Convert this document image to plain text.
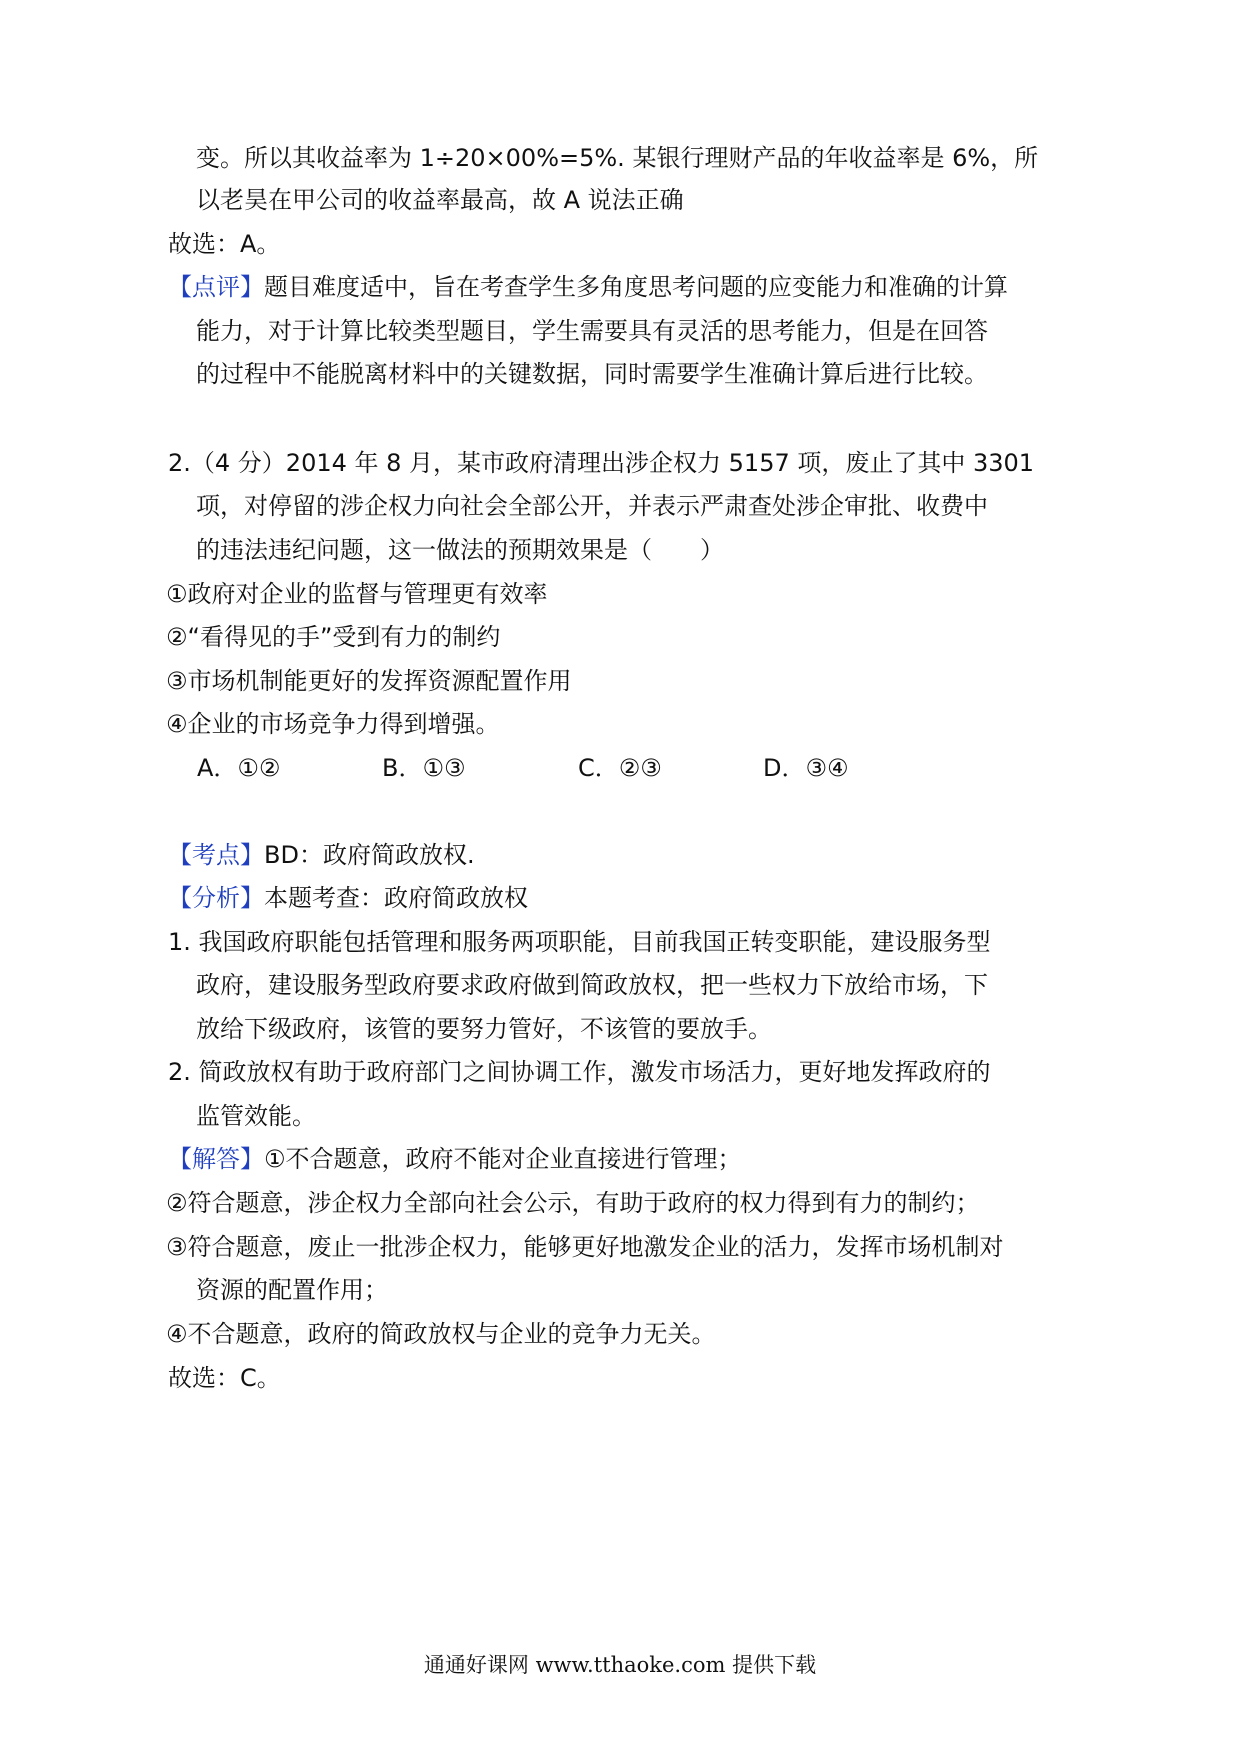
变。所以其收益率为 1÷20×00%=5%. 某银行理财产品的年收益率是 6%，所
以老昊在甲公司的收益率最高，故 A 说法正确
故选：A。
【点评】题目难度适中，旨在考查学生多角度思考问题的应变能力和准确的计算
能力，对于计算比较类型题目，学生需要具有灵活的思考能力，但是在回答
的过程中不能脱离材料中的关键数据，同时需要学生准确计算后进行比较。
2.（4 分）2014 年 8 月，某市政府清理出涉企权力 5157 项，废止了其中 3301
项，对停留的涉企权力向社会全部公开，并表示严肃查处涉企审批、收费中
的违法违纪问题，这一做法的预期效果是（　　）
①政府对企业的监督与管理更有效率
②“看得见的手”受到有力的制约
③市场机制能更好的发挥资源配置作用
④企业的市场竞争力得到增强。
A．①②	B．①③	C．②③	D．③④
【考点】BD：政府简政放权.
【分析】本题考查：政府简政放权
1. 我国政府职能包括管理和服务两项职能，目前我国正转变职能，建设服务型
政府，建设服务型政府要求政府做到简政放权，把一些权力下放给市场，下
放给下级政府，该管的要努力管好，不该管的要放手。
2. 简政放权有助于政府部门之间协调工作，激发市场活力，更好地发挥政府的
监管效能。
【解答】①不合题意，政府不能对企业直接进行管理；
②符合题意，涉企权力全部向社会公示，有助于政府的权力得到有力的制约；
③符合题意，废止一批涉企权力，能够更好地激发企业的活力，发挥市场机制对
资源的配置作用；
④不合题意，政府的简政放权与企业的竞争力无关。
故选：C。
通通好课网 www.tthaoke.com 提供下载
